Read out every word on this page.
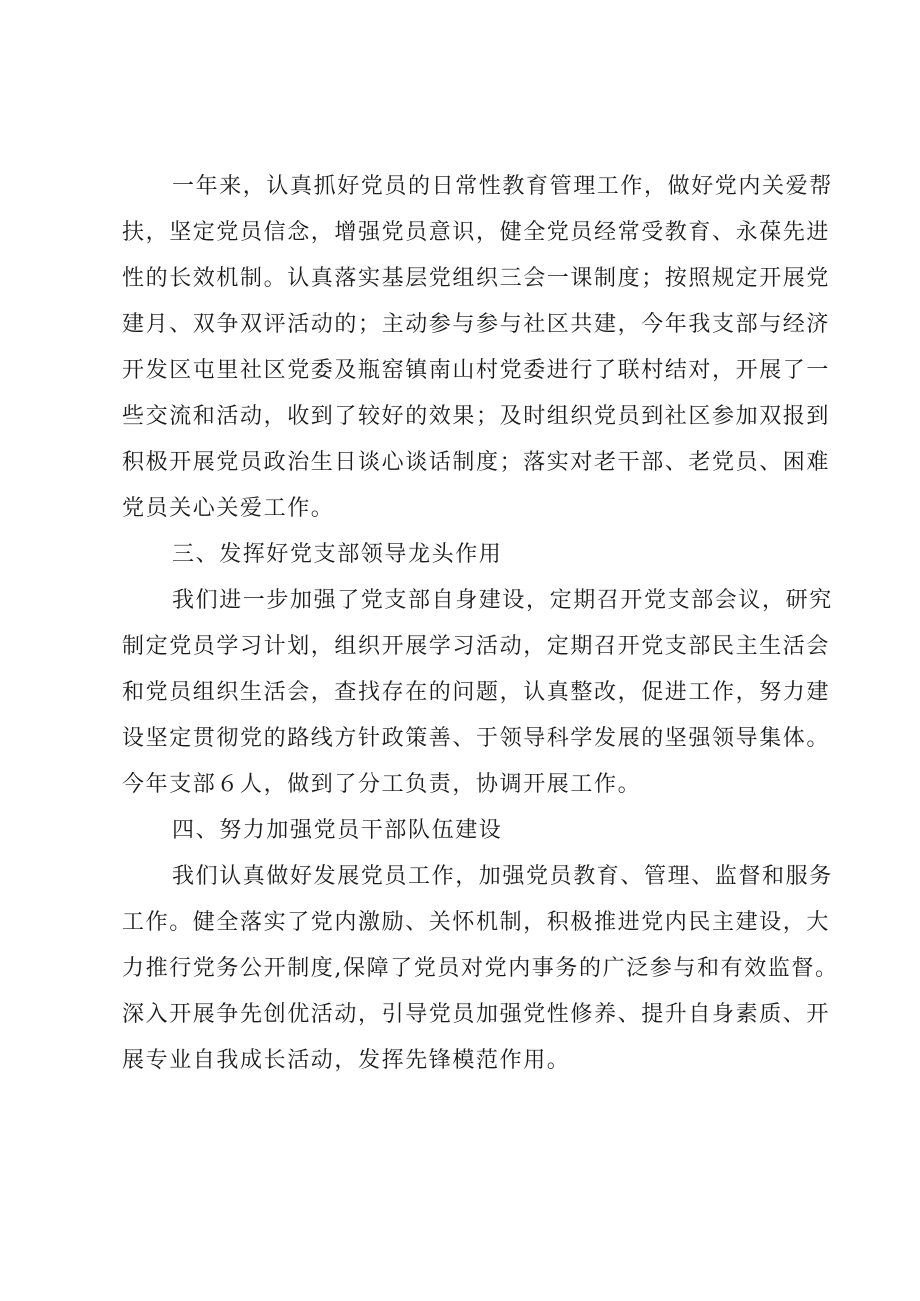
一年来，认真抓好党员的日常性教育管理工作，做好党内关爱帮
扶，坚定党员信念，增强党员意识，健全党员经常受教育、永葆先进
性的长效机制。认真落实基层党组织三会一课制度；按照规定开展党
建月、双争双评活动的；主动参与参与社区共建，今年我支部与经济
开发区屯里社区党委及瓶窑镇南山村党委进行了联村结对，开展了一
些交流和活动，收到了较好的效果；及时组织党员到社区参加双报到
积极开展党员政治生日谈心谈话制度；落实对老干部、老党员、困难
党员关心关爱工作。
三、发挥好党支部领导龙头作用
我们进一步加强了党支部自身建设，定期召开党支部会议，研究
制定党员学习计划，组织开展学习活动，定期召开党支部民主生活会
和党员组织生活会，查找存在的问题，认真整改，促进工作，努力建
设坚定贯彻党的路线方针政策善、于领导科学发展的坚强领导集体。
今年支部６人，做到了分工负责，协调开展工作。
四、努力加强党员干部队伍建设
我们认真做好发展党员工作，加强党员教育、管理、监督和服务
工作。健全落实了党内激励、关怀机制，积极推进党内民主建设，大
力推行党务公开制度,保障了党员对党内事务的广泛参与和有效监督。
深入开展争先创优活动，引导党员加强党性修养、提升自身素质、开
展专业自我成长活动，发挥先锋模范作用。
